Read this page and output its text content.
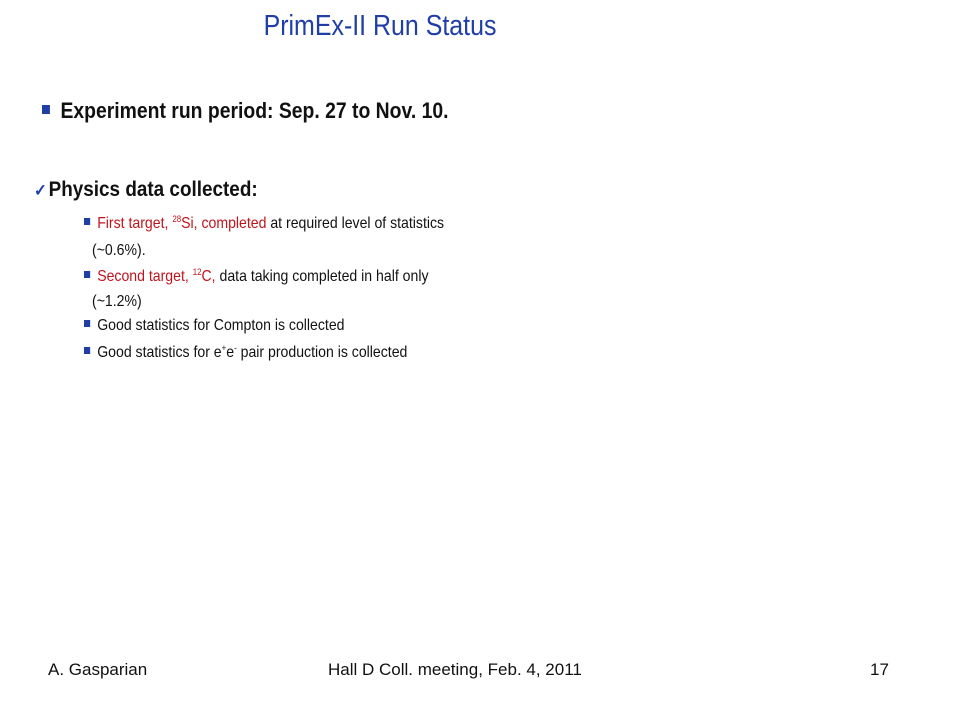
PrimEx-II Run Status
Experiment run period: Sep. 27 to Nov. 10.
✓Physics data collected:
First target, $^{28}$Si, completed at required level of statistics
(~0.6%).
Second target, $^{12}$C, data taking completed in half only
(~1.2%)
Good statistics for Compton is collected
Good statistics for e+e- pair production is collected
A. Gasparian	Hall D Coll. meeting, Feb. 4, 2011	17
